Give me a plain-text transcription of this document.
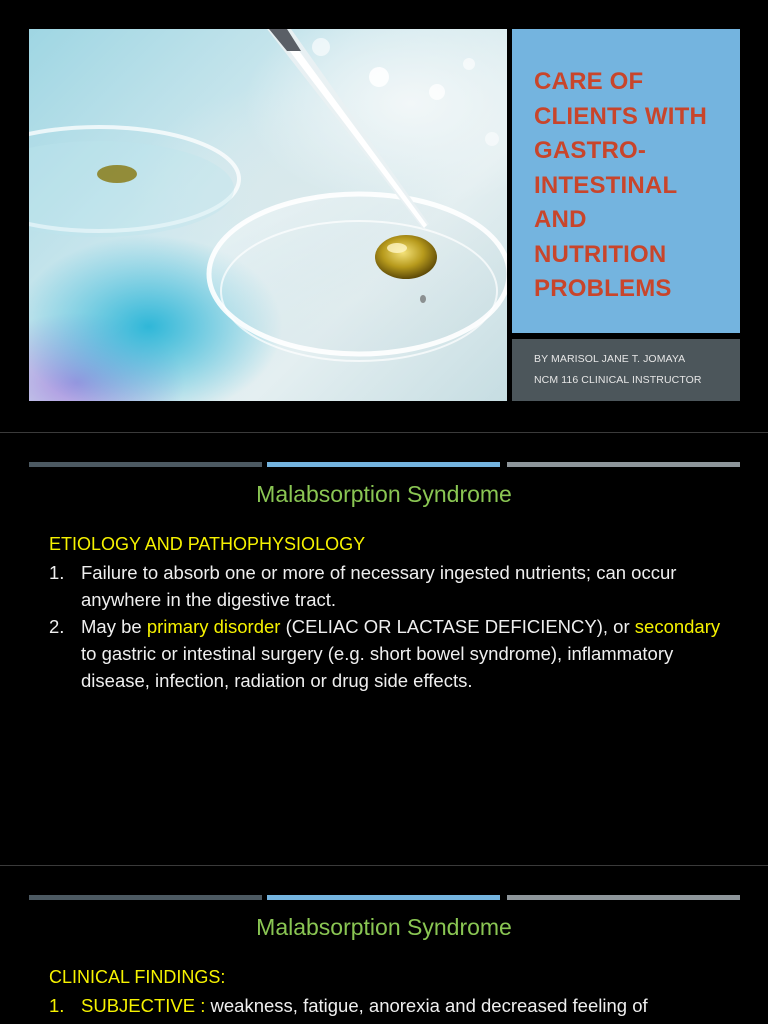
CARE OF
CLIENTS WITH
GASTRO-
INTESTINAL
AND
NUTRITION
PROBLEMS
BY MARISOL JANE T. JOMAYA
NCM 116 CLINICAL INSTRUCTOR
Malabsorption Syndrome
ETIOLOGY AND PATHOPHYSIOLOGY
1. Failure to absorb one or more of necessary ingested nutrients; can occur anywhere in the digestive tract.
2. May be primary disorder (CELIAC OR LACTASE DEFICIENCY), or secondary to gastric or intestinal surgery (e.g. short bowel syndrome), inflammatory disease, infection, radiation or drug side effects.
Malabsorption Syndrome
CLINICAL FINDINGS:
1. SUBJECTIVE : weakness, fatigue, anorexia and decreased feeling of
